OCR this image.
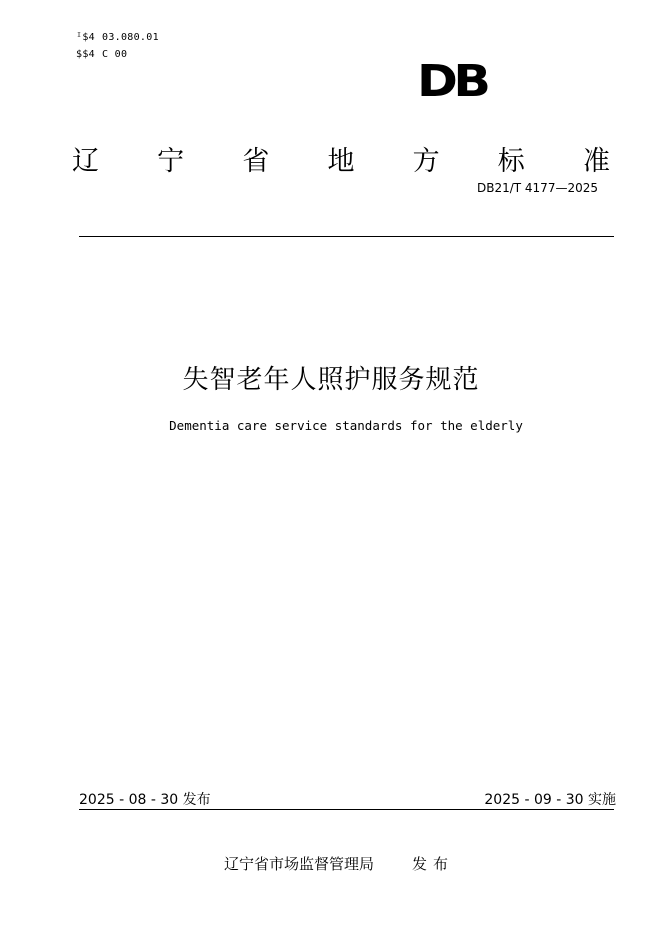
ᴵ$4 03.080.01
$$4 C 00
DB
辽 宁 省 地 方 标 准
DB21/T 4177—2025
失智老年人照护服务规范
Dementia care service standards for the elderly
2025 - 08 - 30 发布	2025 - 09 - 30 实施
辽宁省市场监督管理局	发布
